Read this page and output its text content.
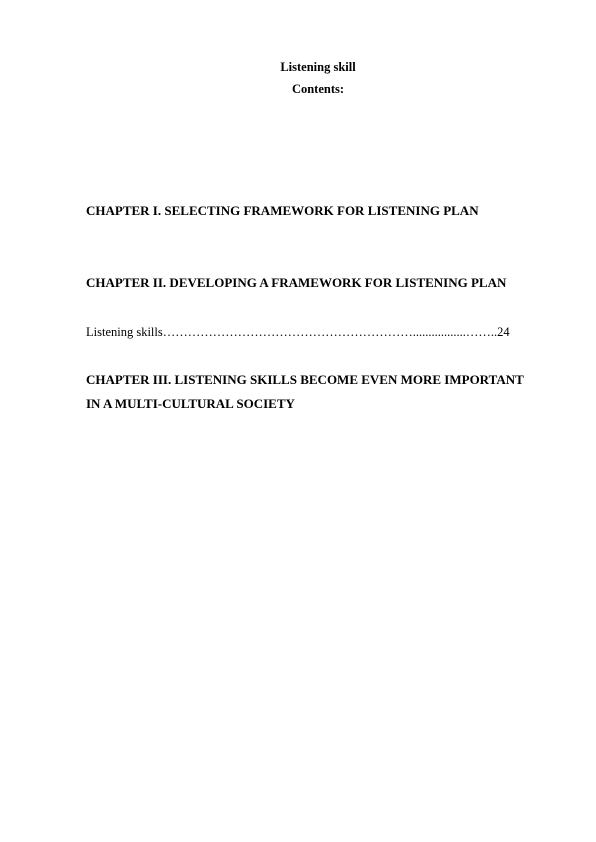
Listening skill
Contents:
CHAPTER I. SELECTING FRAMEWORK FOR LISTENING PLAN
CHAPTER II. DEVELOPING A FRAMEWORK FOR LISTENING PLAN
Listening skills…………………………………………………….................……..24
CHAPTER III. LISTENING SKILLS BECOME EVEN MORE IMPORTANT
IN A MULTI-CULTURAL SOCIETY
